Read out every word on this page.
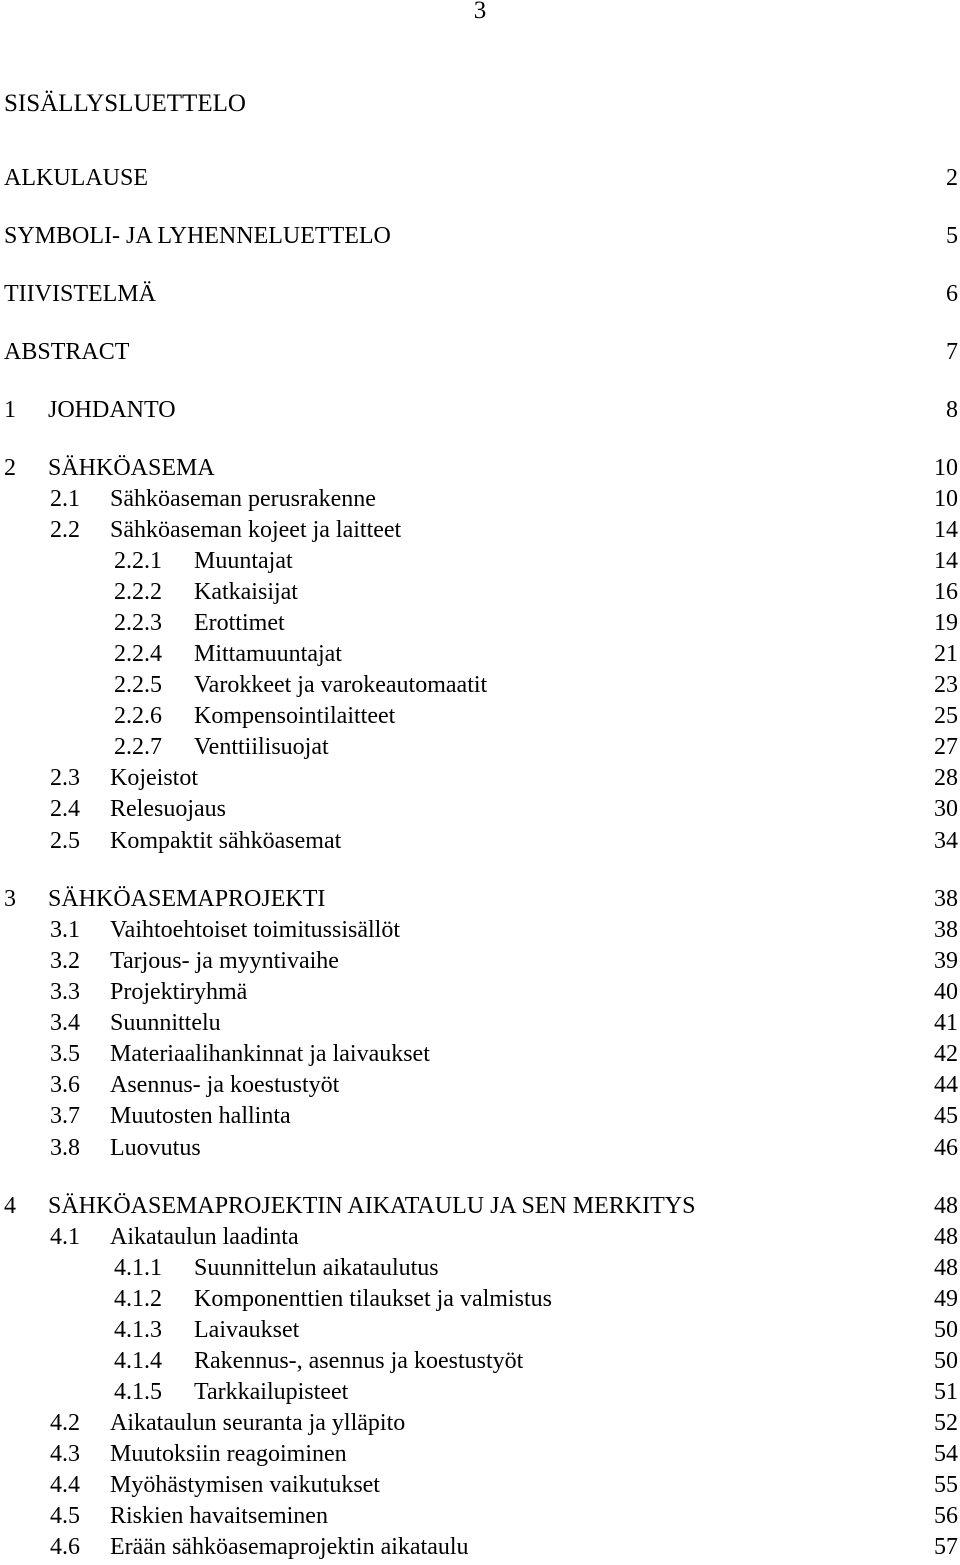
3
SISÄLLYSLUETTELO
ALKULAUSE	2
SYMBOLI- JA LYHENNELUETTELO	5
TIIVISTELMÄ	6
ABSTRACT	7
1 JOHDANTO	8
2 SÄHKÖASEMA	10
2.1 Sähköaseman perusrakenne	10
2.2 Sähköaseman kojeet ja laitteet	14
2.2.1 Muuntajat	14
2.2.2 Katkaisijat	16
2.2.3 Erottimet	19
2.2.4 Mittamuuntajat	21
2.2.5 Varokkeet ja varokeautomaatit	23
2.2.6 Kompensointilaitteet	25
2.2.7 Venttiilisuojat	27
2.3 Kojeistot	28
2.4 Relesuojaus	30
2.5 Kompaktit sähköasemat	34
3 SÄHKÖASEMAPROJEKTI	38
3.1 Vaihtoehtoiset toimitussisällöt	38
3.2 Tarjous- ja myyntivaihe	39
3.3 Projektiryhmä	40
3.4 Suunnittelu	41
3.5 Materiaalihankinnat ja laivaukset	42
3.6 Asennus- ja koestustyöt	44
3.7 Muutosten hallinta	45
3.8 Luovutus	46
4 SÄHKÖASEMAPROJEKTIN AIKATAULU JA SEN MERKITYS	48
4.1 Aikataulun laadinta	48
4.1.1 Suunnittelun aikataulutus	48
4.1.2 Komponenttien tilaukset ja valmistus	49
4.1.3 Laivaukset	50
4.1.4 Rakennus-, asennus ja koestustyöt	50
4.1.5 Tarkkailupisteet	51
4.2 Aikataulun seuranta ja ylläpito	52
4.3 Muutoksiin reagoiminen	54
4.4 Myöhästymisen vaikutukset	55
4.5 Riskien havaitseminen	56
4.6 Erään sähköasemaprojektin aikataulu	57
